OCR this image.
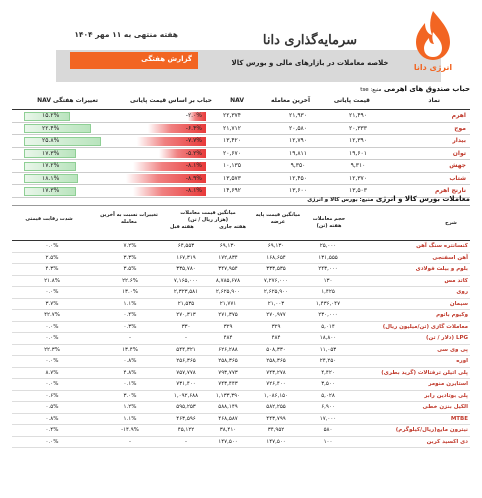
گزارش هفتگی
هفته منتهی به ۱۱ مهر ۱۴۰۴	سرمایه‌گذاری دانا
خلاصه معاملات در بازارهای مالی و بورس کالا	انرژی دانا
حباب صندوق های اهرمی منبع: tse
نماد
قیمت پایانی
آخرین معامله
NAV
حباب بر اساس قیمت پایانی
تغییرات هفتگی NAV
اهرم
۲۱,۴۹۰
۲۱,۹۳۰
۲۲,۳۷۴
-۲.۰%
۱۵.۲%
موج
۲۰,۳۳۳
۲۰,۵۸۰
۲۱,۷۱۲
-۶.۴%
۲۲.۴%
بیدار
۱۲,۳۹۰
۱۲,۷۹۰
۱۳,۴۲۰
-۷.۷%
۲۵.۸%
توان
۱۹,۶۰۱
۱۹,۸۱۱
۲۰,۶۷۰
-۵.۲%
۱۷.۳%
جهش
۹,۳۱۰
۹,۳۵۰
۱۰,۱۳۵
-۸.۱%
۱۷.۲%
شتاب
۱۲,۳۷۰
۱۲,۴۵۰
۱۳,۵۷۳
-۸.۹%
۱۸.۱%
نارنج اهرم
۱۳,۵۰۳
۱۳,۶۰۰
۱۴,۶۹۲
-۸.۱%
۱۷.۳%
معاملات بورس کالا و انرژی منبع: بورس کالا و انرژی
شرح
حجم معاملات
هفته (تن)
میانگین قیمت پایه
عرضه
میانگین قیمت معاملات
(هزار ریال / تن)
هفته جاری
هفته قبل
تغییرات نسبت به آخرین
معامله
شدت رقابت قیمتی
کنسانتره سنگ آهن
۲۵,۰۰۰
۶۹,۱۳۰
۶۹,۱۳۰
۶۴,۵۵۳
۷.۲%
۰.۰%
آهن اسفنجی
۱۳۱,۵۵۵
۱۶۸,۶۵۴
۱۷۲,۸۳۴
۱۶۷,۳۱۹
۳.۳%
۲.۵%
بلوم و بیلت فولادی
۲۴۳,۰۰۰
۳۳۳,۵۳۵
۳۴۷,۹۵۴
۳۳۵,۷۸۰
۳.۵%
۴.۳%
کاتد مس
۱۳۰
۷,۲۷۶,۰۰۰
۸,۷۸۵,۶۷۸
۷,۱۶۵,۰۰۰
۲۲.۶%
۲۱.۸%
روی
۱,۴۲۵
۲,۶۲۵,۹۰۰
۲,۶۲۵,۹۰۰
۲,۳۲۳,۵۸۱
۱۳.۰%
۰.۰%
سیمان
۱,۴۳۶,۰۴۷
۲۱,۰۰۳
۲۱,۷۷۱
۲۱,۵۳۵
۱.۱%
۳.۷%
وکیوم باتوم
۲۳۰,۰۰۰
۲۷۰,۹۷۷
۲۷۱,۳۷۵
۲۷۰,۳۱۳
۰.۴%
۴۲.۷%
معاملات گازی (تن/میلیون ریال)
۵,۰۱۴
۳۲۹
۳۲۹
۳۳۰
۰.۳%
۰.۰%
LPG (دلار / تن)
۱۸,۸۰۰
۴۸۴
۴۸۴
-
-
۰.۰%
پی وی سی
۱۱,۰۵۳
۵۰۸,۳۳۰
۶۲۶,۲۸۸
۵۴۴,۳۲۱
۱۳.۴%
۲۲.۳%
اوره
۲۴,۲۵۰
۲۵۸,۳۶۵
۲۵۸,۳۶۵
۲۵۶,۳۶۵
۰.۸%
۰.۰%
پلی اتیلن ترفتالات (گرید بطری)
۴,۴۲۰
۷۴۳,۲۷۸
۷۹۳,۷۷۳
۷۵۷,۷۷۸
۴.۸%
۸.۷%
استایرن منومر
۳,۵۰۰
۷۲۶,۴۰۰
۷۴۳,۴۴۳
۷۳۱,۴۰۰
۰.۱%
۰.۰%
پلی بوتادین رابر
۵,۰۲۸
۱,۰۸۶,۱۵۰
۱,۱۳۳,۳۹۰
۱,۰۹۲,۶۸۸
۳.۰%
۰.۶%
الکیل بنزن خطی
۶,۹۰۰
۵۸۲,۲۵۵
۵۸۸,۱۴۹
۵۹۵,۲۵۳
۱.۲%
۰.۵%
MTBE
۱۷,۰۰۰
۴۴۳,۷۹۹
۴۶۸,۵۸۷
۴۶۳,۵۹۶
۱.۱%
۰.۸%
نیترون مایع(ریال/کیلوگرم)
۵۸۰
۳۴,۹۵۲
۳۸,۴۱۰
۴۵,۱۲۲
-۱۴.۹%
۰.۴%
دی اکسید کربن
۱۰۰
۱۴۷,۵۰۰
۱۴۷,۵۰۰
-
-
۰.۰%
